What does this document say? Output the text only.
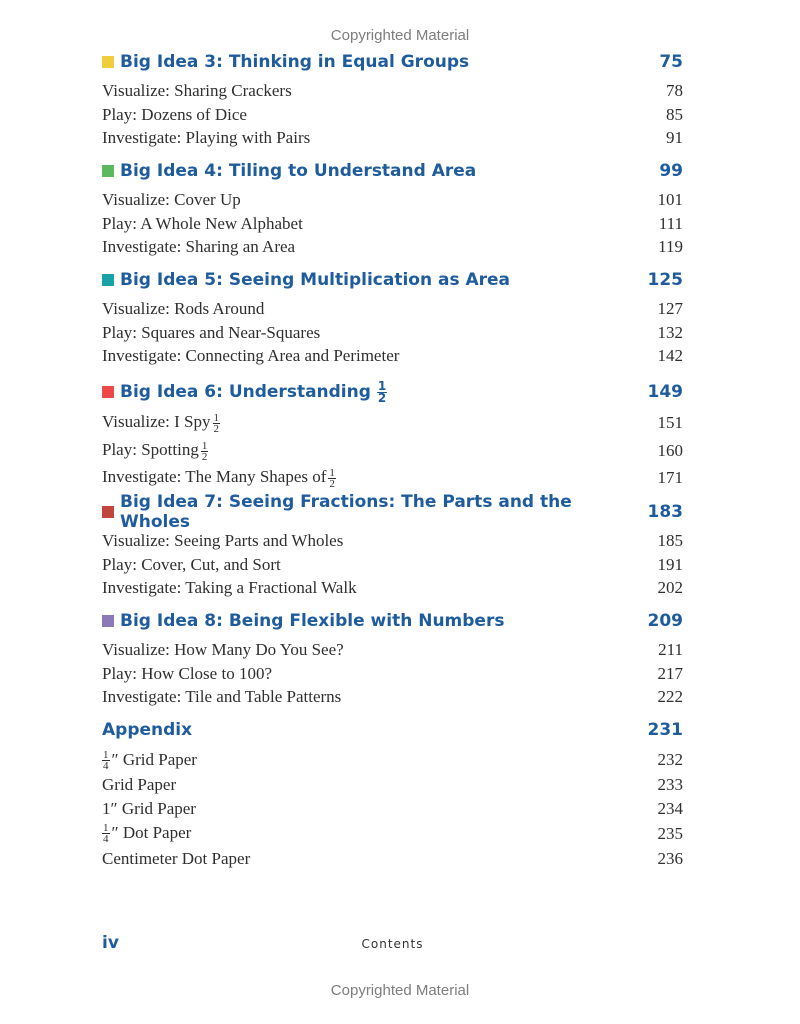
Copyrighted Material
Big Idea 3: Thinking in Equal Groups	75
Visualize: Sharing Crackers	78
Play: Dozens of Dice	85
Investigate: Playing with Pairs	91
Big Idea 4: Tiling to Understand Area	99
Visualize: Cover Up	101
Play: A Whole New Alphabet	111
Investigate: Sharing an Area	119
Big Idea 5: Seeing Multiplication as Area	125
Visualize: Rods Around	127
Play: Squares and Near-Squares	132
Investigate: Connecting Area and Perimeter	142
Big Idea 6: Understanding $\frac{1}{2}$	149
Visualize: I Spy $\frac{1}{2}$	151
Play: Spotting $\frac{1}{2}$	160
Investigate: The Many Shapes of $\frac{1}{2}$	171
Big Idea 7: Seeing Fractions: The Parts and the Wholes	183
Visualize: Seeing Parts and Wholes	185
Play: Cover, Cut, and Sort	191
Investigate: Taking a Fractional Walk	202
Big Idea 8: Being Flexible with Numbers	209
Visualize: How Many Do You See?	211
Play: How Close to 100?	217
Investigate: Tile and Table Patterns	222
Appendix	231
$\frac{1}{4}$ ″ Grid Paper	232
Grid Paper	233
1″ Grid Paper	234
$\frac{1}{4}$ ″ Dot Paper	235
Centimeter Dot Paper	236
iv	Contents
Copyrighted Material
